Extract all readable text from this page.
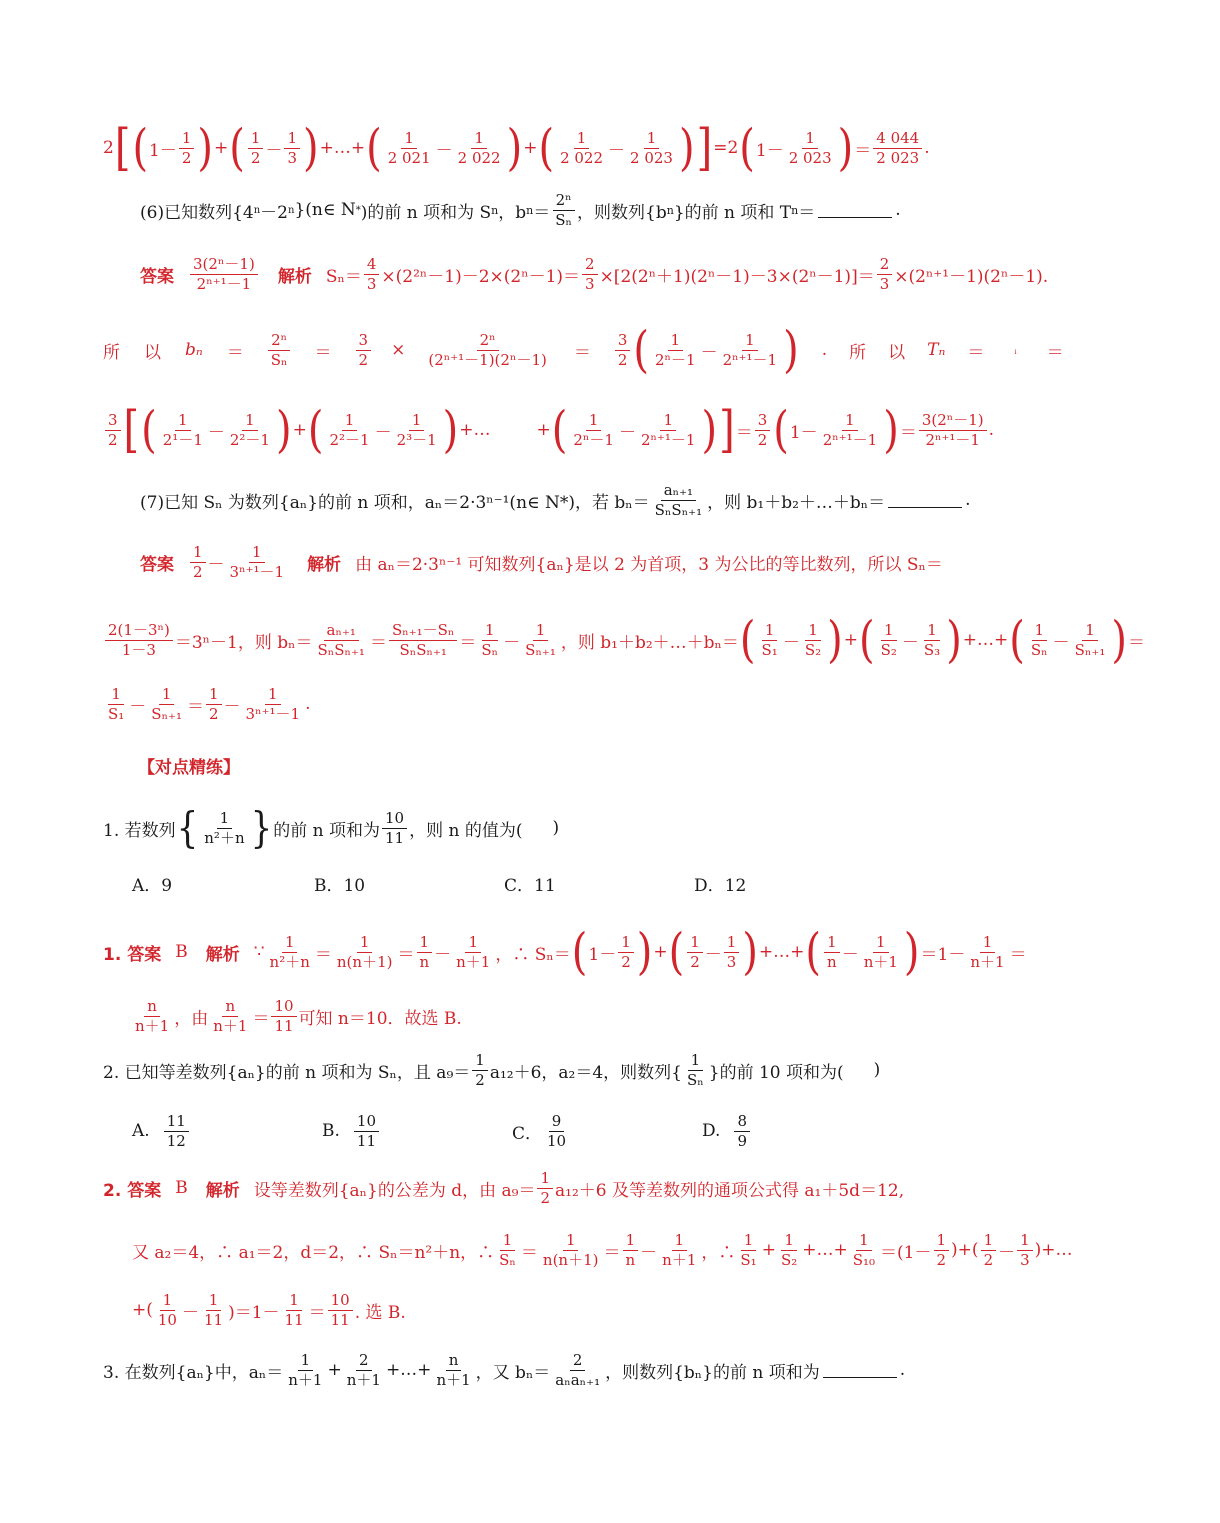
2 [ ( $1- \frac{1}{2}$ ) + ( $\frac{1}{2} - \frac{1}{3}$ ) +…+ ( $\frac{1}{2 021} - \frac{1}{2 022}$ ) + ( $\frac{1}{2 022} - \frac{1}{2 023}$ ) ] =2 ( $1- \frac{1}{2 023}$ ) ＝ $\frac{4 044}{2 023}$ .
(6)已知数列{4 n －2 n }(n∈ N * )的前 n 项和为 S n ，b $n = \frac{\text{2ⁿ}}{\text{Sₙ}}$ ，则数列{b n }的前 n 项和 T n ＝	.
答案 $\frac{\text{3(2ⁿ－1)}}{\text{2ⁿ⁺¹－1}}$ 解析 $S_n= \frac{4}{3} \times(2^{2n}-1)-2\times(2^n-1)= \frac{2}{3} \times[2(2^n+1)(2^n-1)-3\times(2^n-1)]= \frac{2}{3} \times(2^{n+1}-1)(2^n-1)$.
所 以 $b_n = \frac{\text{2ⁿ}}{\text{Sₙ}} = \frac{3}{2} \times \frac{\text{2ⁿ}}{\text{(2ⁿ⁺¹－1)(2ⁿ－1)}} = \frac{3}{2}$ ( $\frac{1}{\text{2ⁿ－1}} - \frac{1}{\text{2ⁿ⁺¹－1}}$ ) . 所 以 Tₙ ＝	ᵢ ＝
$\frac{3}{2}$ [ ( $\frac{1}{\text{2¹－1}} - \frac{1}{\text{2²－1}}$ ) + ( $\frac{1}{\text{2²－1}} - \frac{1}{\text{2³－1}}$ ) +…	+ ( $\frac{1}{\text{2ⁿ－1}} - \frac{1}{\text{2ⁿ⁺¹－1}}$ ) ] ＝ $\frac{3}{2}$ ( $1- \frac{1}{\text{2ⁿ⁺¹－1}}$ ) ＝ $\frac{\text{3(2ⁿ－1)}}{\text{2ⁿ⁺¹－1}}$ .
(7)已知 Sₙ 为数列{aₙ}的前 n 项和，aₙ＝2·3ⁿ⁻¹(n∈ N*)，若 $b_n= \frac{\text{aₙ₊₁}}{\text{SₙSₙ₊₁}}$ ，则 b₁＋b₂＋…＋bₙ＝	.
答案 $\frac{1}{2} - \frac{1}{\text{3ⁿ⁺¹－1}}$ 解析 由 aₙ＝2·3ⁿ⁻¹ 可知数列{aₙ}是以 2 为首项，3 为公比的等比数列，所以 Sₙ＝
$\frac{\text{2(1－3ⁿ)}}{1-3} =3^n-1$，则 $b_n= \frac{\text{aₙ₊₁}}{\text{SₙSₙ₊₁}} = \frac{\text{Sₙ₊₁－Sₙ}}{\text{SₙSₙ₊₁}} = \frac{1}{\text{Sₙ}} - \frac{1}{\text{Sₙ₊₁}}$ ，则 b₁＋b₂＋…＋bₙ＝ ( $\frac{1}{\text{S₁}} - \frac{1}{\text{S₂}}$ ) + ( $\frac{1}{\text{S₂}} - \frac{1}{\text{S₃}}$ ) +…+ ( $\frac{1}{\text{Sₙ}} - \frac{1}{\text{Sₙ₊₁}}$ ) ＝
$\frac{1}{\text{S₁}} - \frac{1}{\text{Sₙ₊₁}} = \frac{1}{2} - \frac{1}{\text{3ⁿ⁺¹－1}}$ .
【对点精练】
1. 若数列 { $\frac{1}{\text{n²＋n}}$ } 的前 n 项和为 $\frac{10}{11}$ ，则 n 的值为( )
A．9	B．10	C．11	D．12
1. 答案 B 解析 ∵ $\frac{1}{\text{n²＋n}} = \frac{1}{n(n+1)} = \frac{1}{n} - \frac{1}{n+1}$ ，∴ Sₙ＝ ( $1- \frac{1}{2}$ ) + ( $\frac{1}{2} - \frac{1}{3}$ ) +…+ ( $\frac{1}{n} - \frac{1}{n+1}$ ) $=1- \frac{1}{n+1}$ ＝
$\frac{n}{n+1}$ ，由 $\frac{n}{n+1} = \frac{10}{11}$ 可知 n＝10．故选 B.
2. 已知等差数列{aₙ}的前 n 项和为 Sₙ，且 $a_9= \frac{1}{2} a_{12}+6$，a₂＝4，则数列{ $\frac{1}{\text{Sₙ}}$ }的前 10 项和为( )
A. $\frac{11}{12}$	B. $\frac{10}{11}$	C． $\frac{9}{10}$	D. $\frac{8}{9}$
2. 答案 B 解析 设等差数列{aₙ}的公差为 d，由 $a_9= \frac{1}{2} a_{12}+6$ 及等差数列的通项公式得 a₁＋5d＝12,
又 a₂＝4，∴ a₁＝2，d＝2，∴ Sₙ＝n²＋n，∴ $\frac{1}{\text{Sₙ}} = \frac{1}{n(n+1)} = \frac{1}{n} - \frac{1}{n+1}$ ，∴ $\frac{1}{\text{S₁}} + \frac{1}{\text{S₂}}$ +…+ $\frac{1}{\text{S₁₀}} =(1- \frac{1}{2}$ )+( $\frac{1}{2} - \frac{1}{3}$ )+…
+( $\frac{1}{10} - \frac{1}{11} )=1- \frac{1}{11} = \frac{10}{11}$ . 选 B.
3. 在数列{aₙ}中，$a_n= \frac{1}{n+1} + \frac{2}{n+1}$ +…+ $\frac{n}{n+1}$ ，又 $b_n= \frac{2}{\text{aₙaₙ₊₁}}$ ，则数列{bₙ}的前 n 项和为	.
